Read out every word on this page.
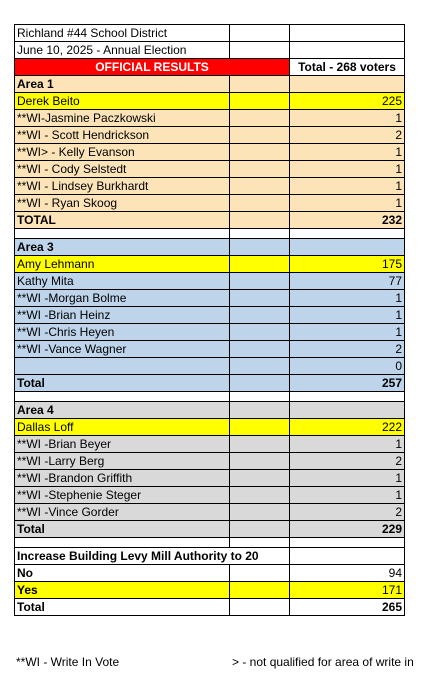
Richland #44 School District		
June 10, 2025 - Annual Election		
OFFICIAL RESULTS		Total - 268 voters
Area 1		
Derek Beito		225
**WI-Jasmine Paczkowski		1
**WI - Scott Hendrickson		2
**WI> - Kelly Evanson		1
**WI - Cody Selstedt		1
**WI - Lindsey Burkhardt		1
**WI - Ryan Skoog		1
TOTAL		232

Area 3		
Amy Lehmann		175
Kathy Mita		77
**WI -Morgan Bolme		1
**WI -Brian Heinz		1
**WI -Chris Heyen		1
**WI -Vance Wagner		2
		0
Total		257

Area 4		
Dallas Loff		222
**WI -Brian Beyer		1
**WI -Larry Berg		2
**WI -Brandon Griffith		1
**WI -Stephenie Steger		1
**WI -Vince Gorder		2
Total		229

Increase Building Levy Mill Authority to 20		
No		94
Yes		171
Total		265
**WI - Write In Vote	> - not qualified for area of write in
